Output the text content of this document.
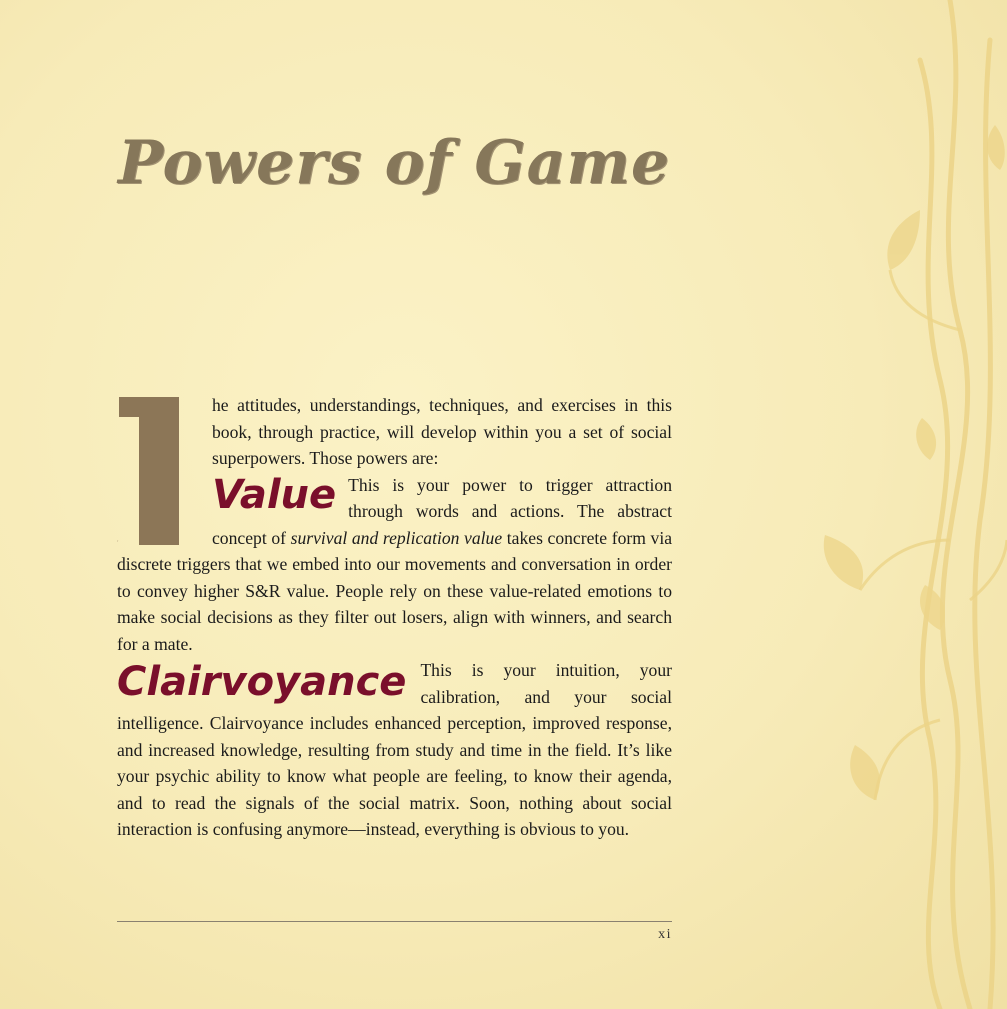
Powers of Game
T

he attitudes, understandings, techniques, and exercises in this book, through practice, will develop within you a set of social superpowers. Those powers are:

Value This is your power to trigger attraction through words and actions. The abstract concept of survival and replication value takes concrete form via discrete triggers that we embed into our movements and conversation in order to convey higher S&R value. People rely on these value-related emotions to make social decisions as they filter out losers, align with winners, and search for a mate.

Clairvoyance This is your intuition, your calibration, and your social intelligence. Clairvoyance includes enhanced perception, improved response, and increased knowledge, resulting from study and time in the field. It’s like your psychic ability to know what people are feeling, to know their agenda, and to read the signals of the social matrix. Soon, nothing about social interaction is confusing anymore—instead, everything is obvious to you.

xi
